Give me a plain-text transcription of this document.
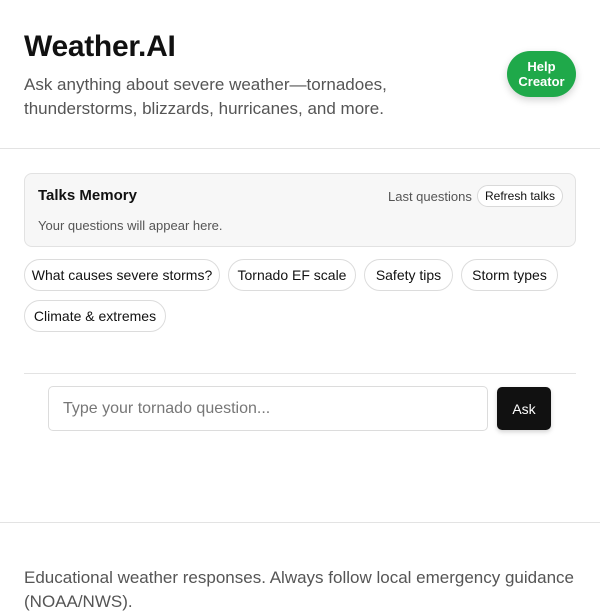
Weather.AI

Ask anything about severe weather—tornadoes, thunderstorms, blizzards, hurricanes, and more.

Help
Creator
Talks Memory	Last questions	Refresh talks
Your questions will appear here.
What causes severe storms?	Tornado EF scale	Safety tips	Storm types
Climate & extremes
Type your tornado question...
Ask

Educational weather responses. Always follow local emergency guidance (NOAA/NWS).
